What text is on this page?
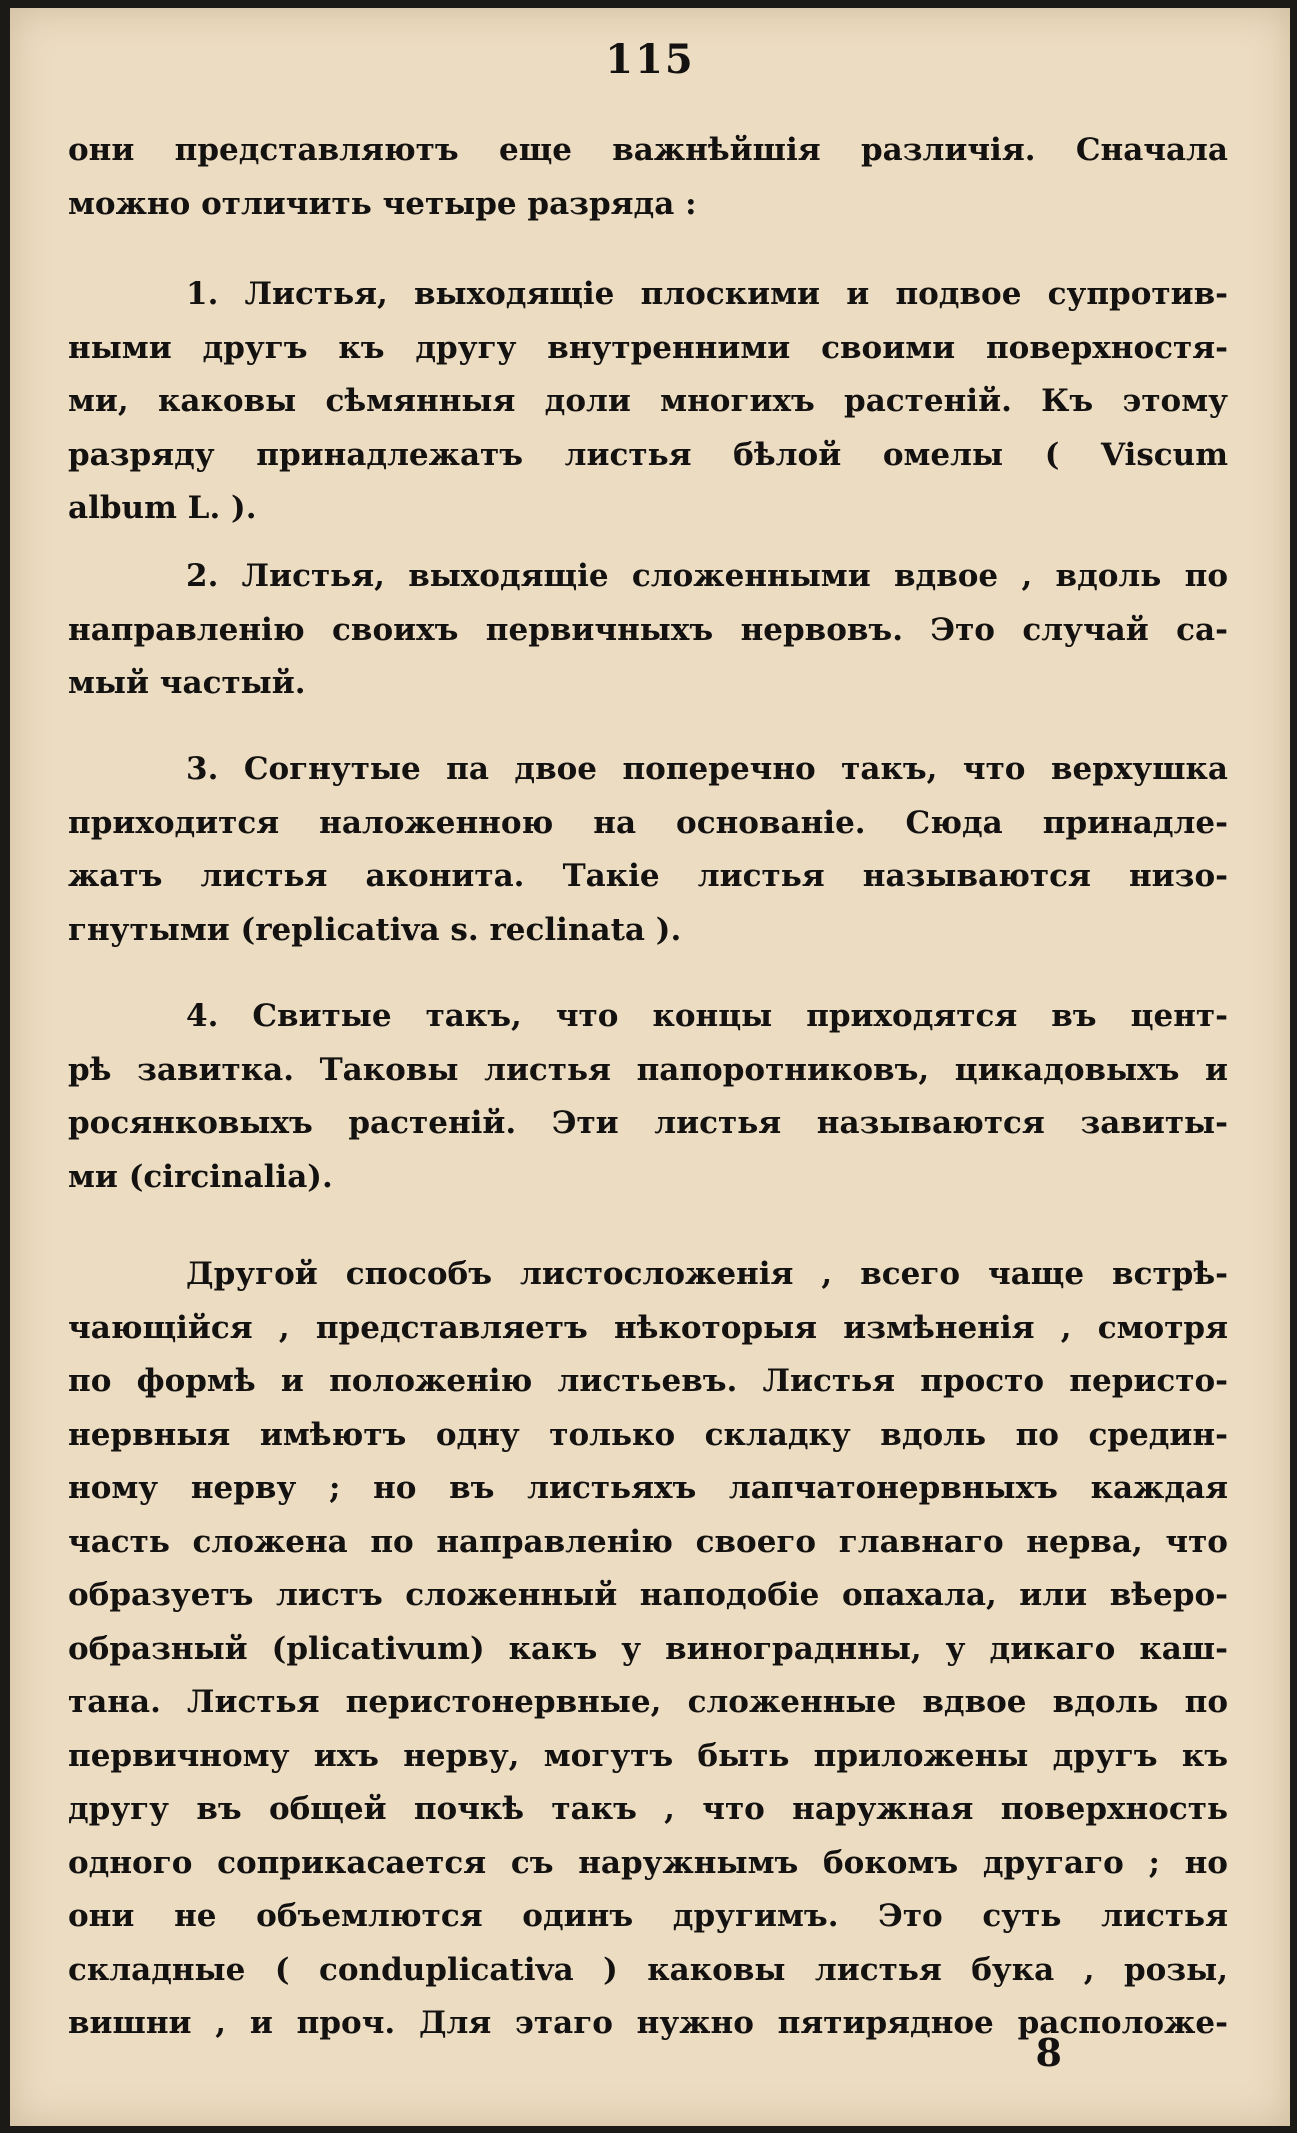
115
они представляютъ еще важнѣйшія различія. Сначала
можно отличить четыре разряда :
1. Листья, выходящіе плоскими и подвое супротив-
ными другъ къ другу внутренними своими поверхностя-
ми, каковы сѣмянныя доли многихъ растеній. Къ этому
разряду принадлежатъ листья бѣлой омелы ( Viscum
album L. ).
2. Листья, выходящіе сложенными вдвое , вдоль по
направленію своихъ первичныхъ нервовъ. Это случай са-
мый частый.
3. Согнутые па двое поперечно такъ, что верхушка
приходится наложенною на основаніе. Сюда принадле-
жатъ листья аконита. Такіе листья называются низо-
гнутыми (replicativa s. reclinata ).
4. Свитые такъ, что концы приходятся въ цент-
рѣ завитка. Таковы листья папоротниковъ, цикадовыхъ и
росянковыхъ растеній. Эти листья называются завиты-
ми (circinalia).
Другой способъ листосложенія , всего чаще встрѣ-
чающійся , представляетъ нѣкоторыя измѣненія , смотря
по формѣ и положенію листьевъ. Листья просто перисто-
нервныя имѣютъ одну только складку вдоль по средин-
ному нерву ; но въ листьяхъ лапчатонервныхъ каждая
часть сложена по направленію своего главнаго нерва, что
образуетъ листъ сложенный наподобіе опахала, или вѣеро-
образный (plicativum) какъ у винограднны, у дикаго каш-
тана. Листья перистонервные, сложенные вдвое вдоль по
первичному ихъ нерву, могутъ быть приложены другъ къ
другу въ общей почкѣ такъ , что наружная поверхность
одного соприкасается съ наружнымъ бокомъ другаго ; но
они не объемлются одинъ другимъ. Это суть листья
складные ( conduplicativa ) каковы листья бука , розы,
вишни , и проч. Для этаго нужно пятирядное расположе-
8
